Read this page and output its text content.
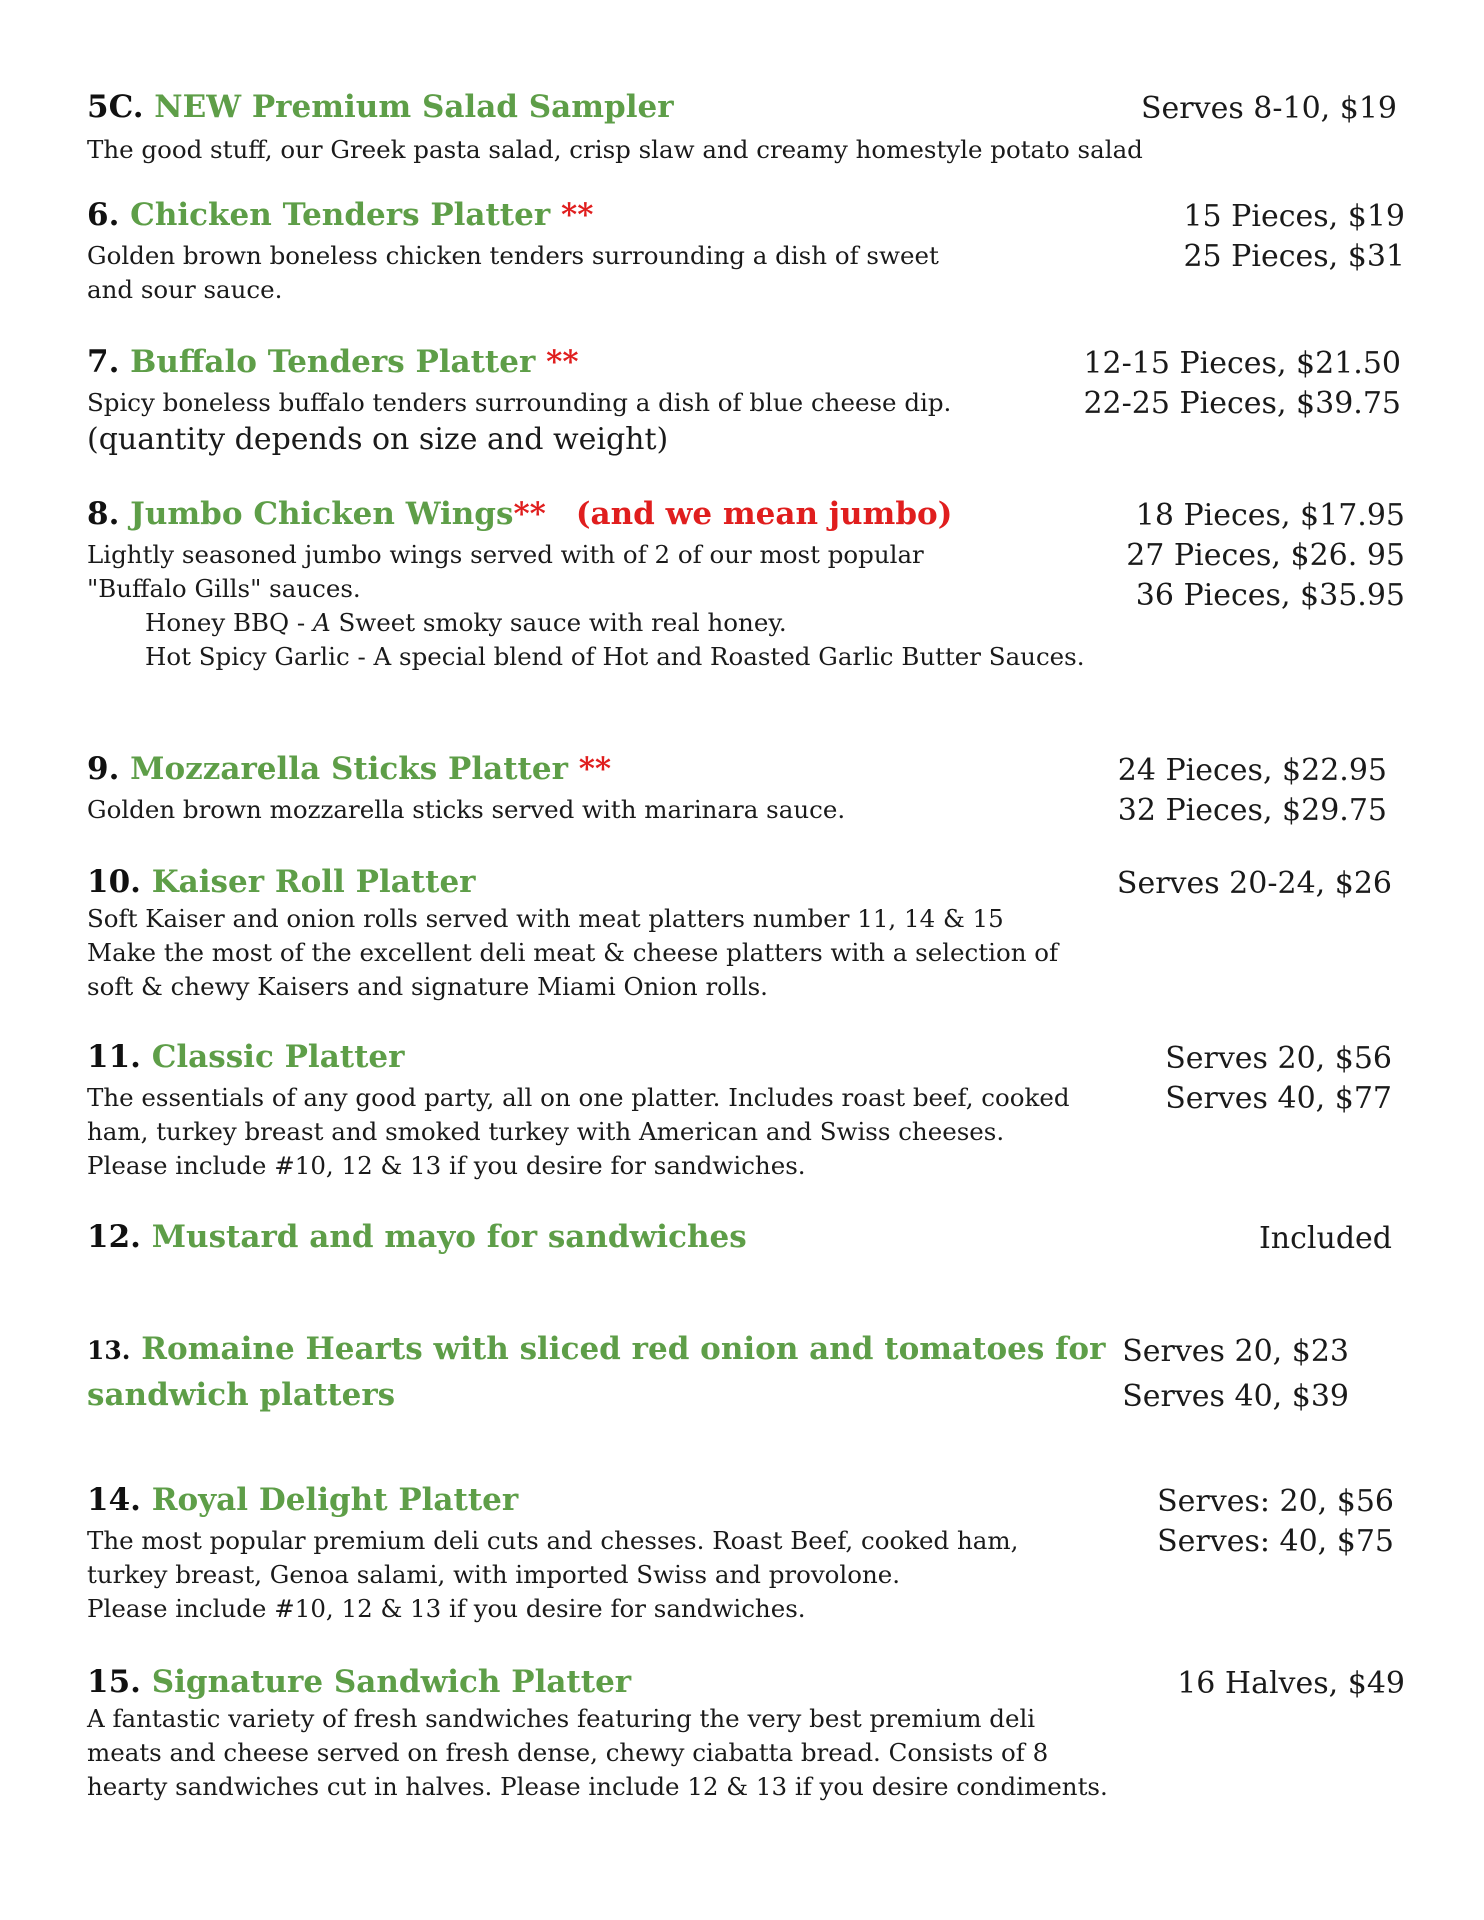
5C. NEW Premium Salad Sampler
The good stuff, our Greek pasta salad, crisp slaw and creamy homestyle potato salad
Serves 8-10, $19
6. Chicken Tenders Platter **
Golden brown boneless chicken tenders surrounding a dish of sweet
and sour sauce.
15 Pieces, $19
25 Pieces, $31
7. Buffalo Tenders Platter **
Spicy boneless buffalo tenders surrounding a dish of blue cheese dip.
(quantity depends on size and weight)
12-15 Pieces, $21.50
22-25 Pieces, $39.75
8. Jumbo Chicken Wings** (and we mean jumbo)
Lightly seasoned jumbo wings served with of 2 of our most popular
"Buffalo Gills" sauces.
Honey BBQ - A Sweet smoky sauce with real honey.
Hot Spicy Garlic - A special blend of Hot and Roasted Garlic Butter Sauces.
18 Pieces, $17.95
27 Pieces, $26. 95
36 Pieces, $35.95
9. Mozzarella Sticks Platter **
Golden brown mozzarella sticks served with marinara sauce.
24 Pieces, $22.95
32 Pieces, $29.75
10. Kaiser Roll Platter
Soft Kaiser and onion rolls served with meat platters number 11, 14 & 15
Make the most of the excellent deli meat & cheese platters with a selection of
soft & chewy Kaisers and signature Miami Onion rolls.
Serves 20-24, $26
11. Classic Platter
The essentials of any good party, all on one platter. Includes roast beef, cooked
ham, turkey breast and smoked turkey with American and Swiss cheeses.
Please include #10, 12 & 13 if you desire for sandwiches.
Serves 20, $56
Serves 40, $77
12. Mustard and mayo for sandwiches	Included
13. Romaine Hearts with sliced red onion and tomatoes for
sandwich platters
Serves 20, $23
Serves 40, $39
14. Royal Delight Platter
The most popular premium deli cuts and chesses. Roast Beef, cooked ham,
turkey breast, Genoa salami, with imported Swiss and provolone.
Please include #10, 12 & 13 if you desire for sandwiches.
Serves: 20, $56
Serves: 40, $75
15. Signature Sandwich Platter
A fantastic variety of fresh sandwiches featuring the very best premium deli
meats and cheese served on fresh dense, chewy ciabatta bread. Consists of 8
hearty sandwiches cut in halves. Please include 12 & 13 if you desire condiments.
16 Halves, $49
